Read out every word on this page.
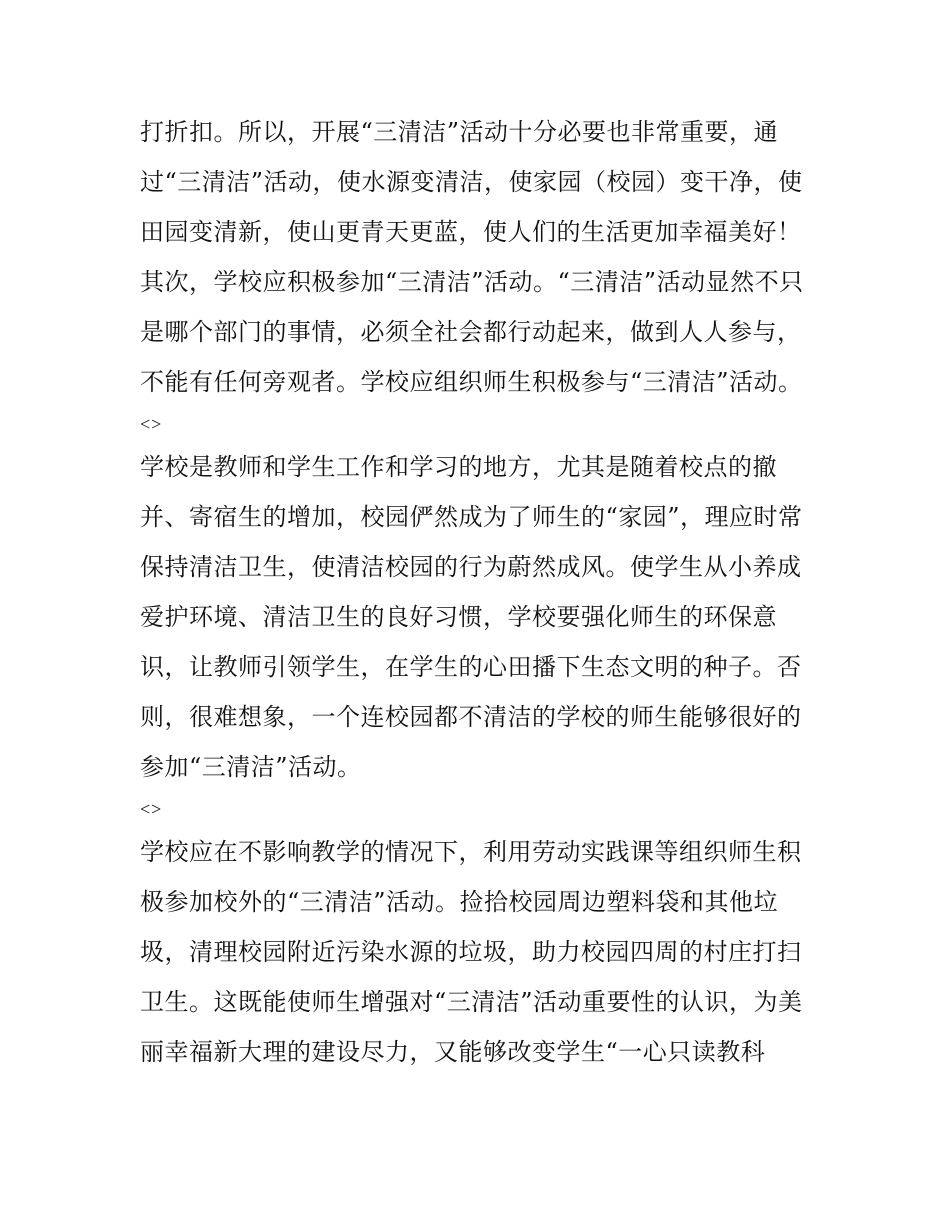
打折扣。所以，开展“三清洁”活动十分必要也非常重要，通
过“三清洁”活动，使水源变清洁，使家园（校园）变干净，使
田园变清新，使山更青天更蓝，使人们的生活更加幸福美好！
其次，学校应积极参加“三清洁”活动。“三清洁”活动显然不只
是哪个部门的事情，必须全社会都行动起来，做到人人参与，
不能有任何旁观者。学校应组织师生积极参与“三清洁”活动。
<>
学校是教师和学生工作和学习的地方，尤其是随着校点的撤
并、寄宿生的增加，校园俨然成为了师生的“家园”，理应时常
保持清洁卫生，使清洁校园的行为蔚然成风。使学生从小养成
爱护环境、清洁卫生的良好习惯，学校要强化师生的环保意
识，让教师引领学生，在学生的心田播下生态文明的种子。否
则，很难想象，一个连校园都不清洁的学校的师生能够很好的
参加“三清洁”活动。
<>
学校应在不影响教学的情况下，利用劳动实践课等组织师生积
极参加校外的“三清洁”活动。捡拾校园周边塑料袋和其他垃
圾，清理校园附近污染水源的垃圾，助力校园四周的村庄打扫
卫生。这既能使师生增强对“三清洁”活动重要性的认识，为美
丽幸福新大理的建设尽力，又能够改变学生“一心只读教科
